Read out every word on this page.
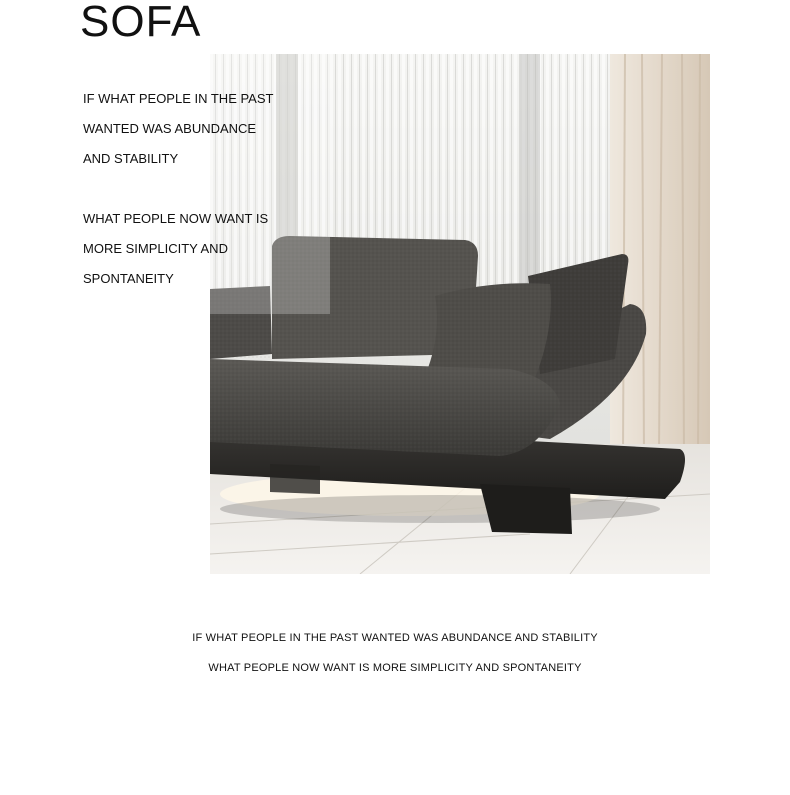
SOFA
IF WHAT PEOPLE IN THE PAST
WANTED WAS ABUNDANCE
AND STABILITY
WHAT PEOPLE NOW WANT IS
MORE SIMPLICITY AND
SPONTANEITY
IF WHAT PEOPLE IN THE PAST WANTED WAS ABUNDANCE AND STABILITY
WHAT PEOPLE NOW WANT IS MORE SIMPLICITY AND SPONTANEITY
